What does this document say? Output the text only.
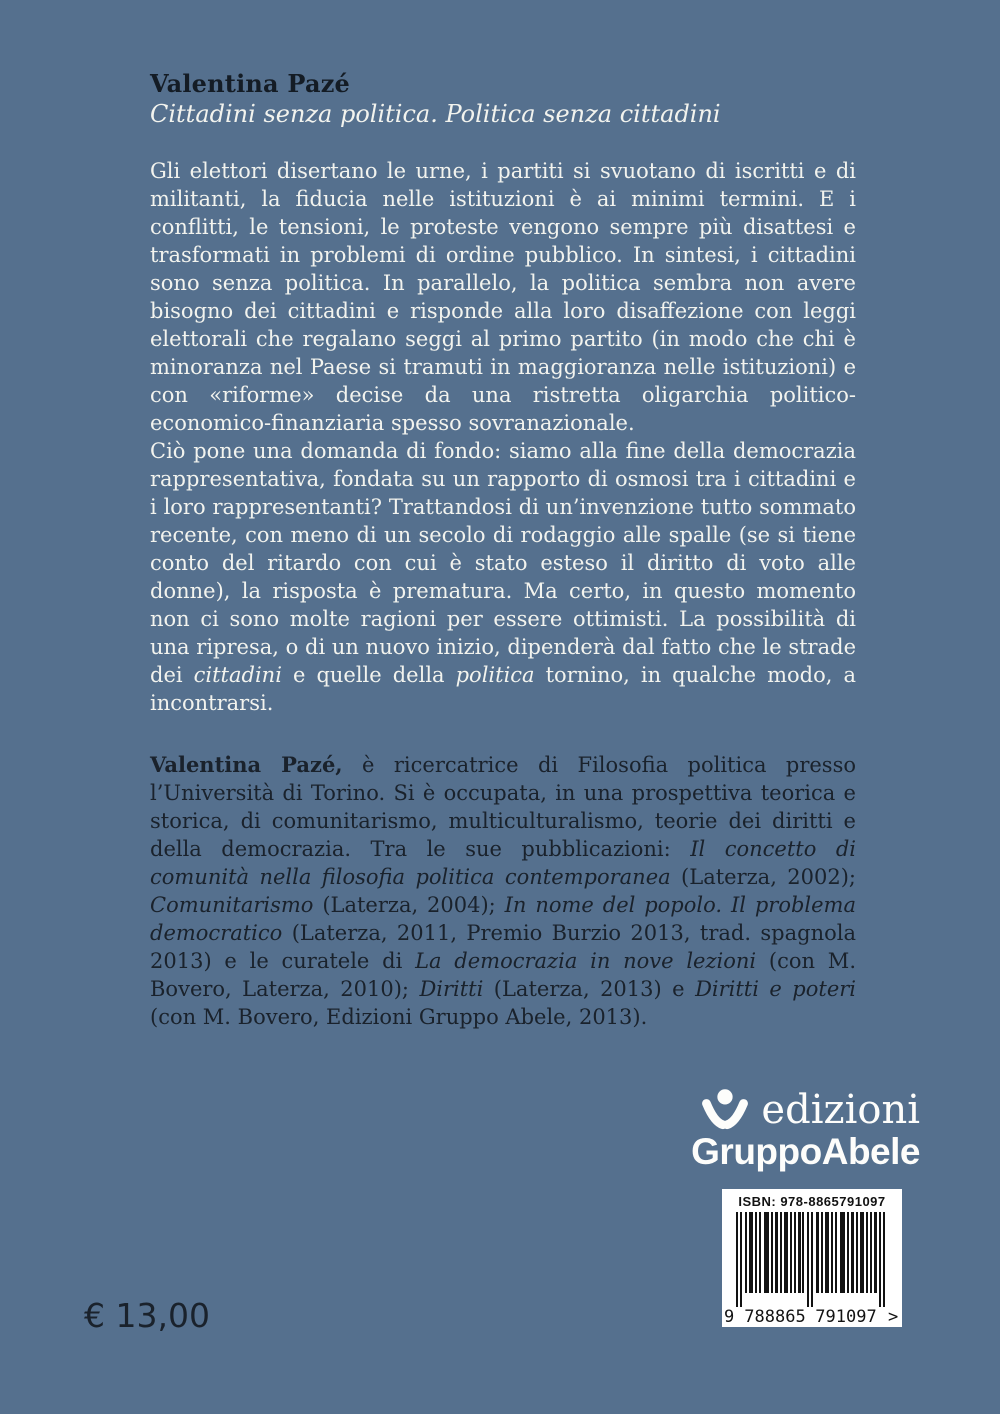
Valentina Pazé
Cittadini senza politica. Politica senza cittadini

Gli elettori disertano le urne, i partiti si svuotano di iscritti e di militanti, la fiducia nelle istituzioni è ai minimi termini. E i conflitti, le tensioni, le proteste vengono sempre più disattesi e trasformati in problemi di ordine pubblico. In sintesi, i cittadini sono senza politica. In parallelo, la politica sembra non avere bisogno dei cittadini e risponde alla loro disaffezione con leggi elettorali che regalano seggi al primo partito (in modo che chi è minoranza nel Paese si tramuti in maggioranza nelle istituzioni) e con «riforme» decise da una ristretta oligarchia politico-economico-finanziaria spesso sovranazionale.

Ciò pone una domanda di fondo: siamo alla fine della democrazia rappresentativa, fondata su un rapporto di osmosi tra i cittadini e i loro rappresentanti? Trattandosi di un’invenzione tutto sommato recente, con meno di un secolo di rodaggio alle spalle (se si tiene conto del ritardo con cui è stato esteso il diritto di voto alle donne), la risposta è prematura. Ma certo, in questo momento non ci sono molte ragioni per essere ottimisti. La possibilità di una ripresa, o di un nuovo inizio, dipenderà dal fatto che le strade dei cittadini e quelle della politica tornino, in qualche modo, a incontrarsi.

Valentina Pazé, è ricercatrice di Filosofia politica presso l’Università di Torino. Si è occupata, in una prospettiva teorica e storica, di comunitarismo, multiculturalismo, teorie dei diritti e della democrazia. Tra le sue pubblicazioni: Il concetto di comunità nella filosofia politica contemporanea (Laterza, 2002); Comunitarismo (Laterza, 2004); In nome del popolo. Il problema democratico (Laterza, 2011, Premio Burzio 2013, trad. spagnola 2013) e le curatele di La democrazia in nove lezioni (con M. Bovero, Laterza, 2010); Diritti (Laterza, 2013) e Diritti e poteri (con M. Bovero, Edizioni Gruppo Abele, 2013).

edizioni
GruppoAbele
ISBN: 978-8865791097
9 788865 791097 >
€ 13,00
